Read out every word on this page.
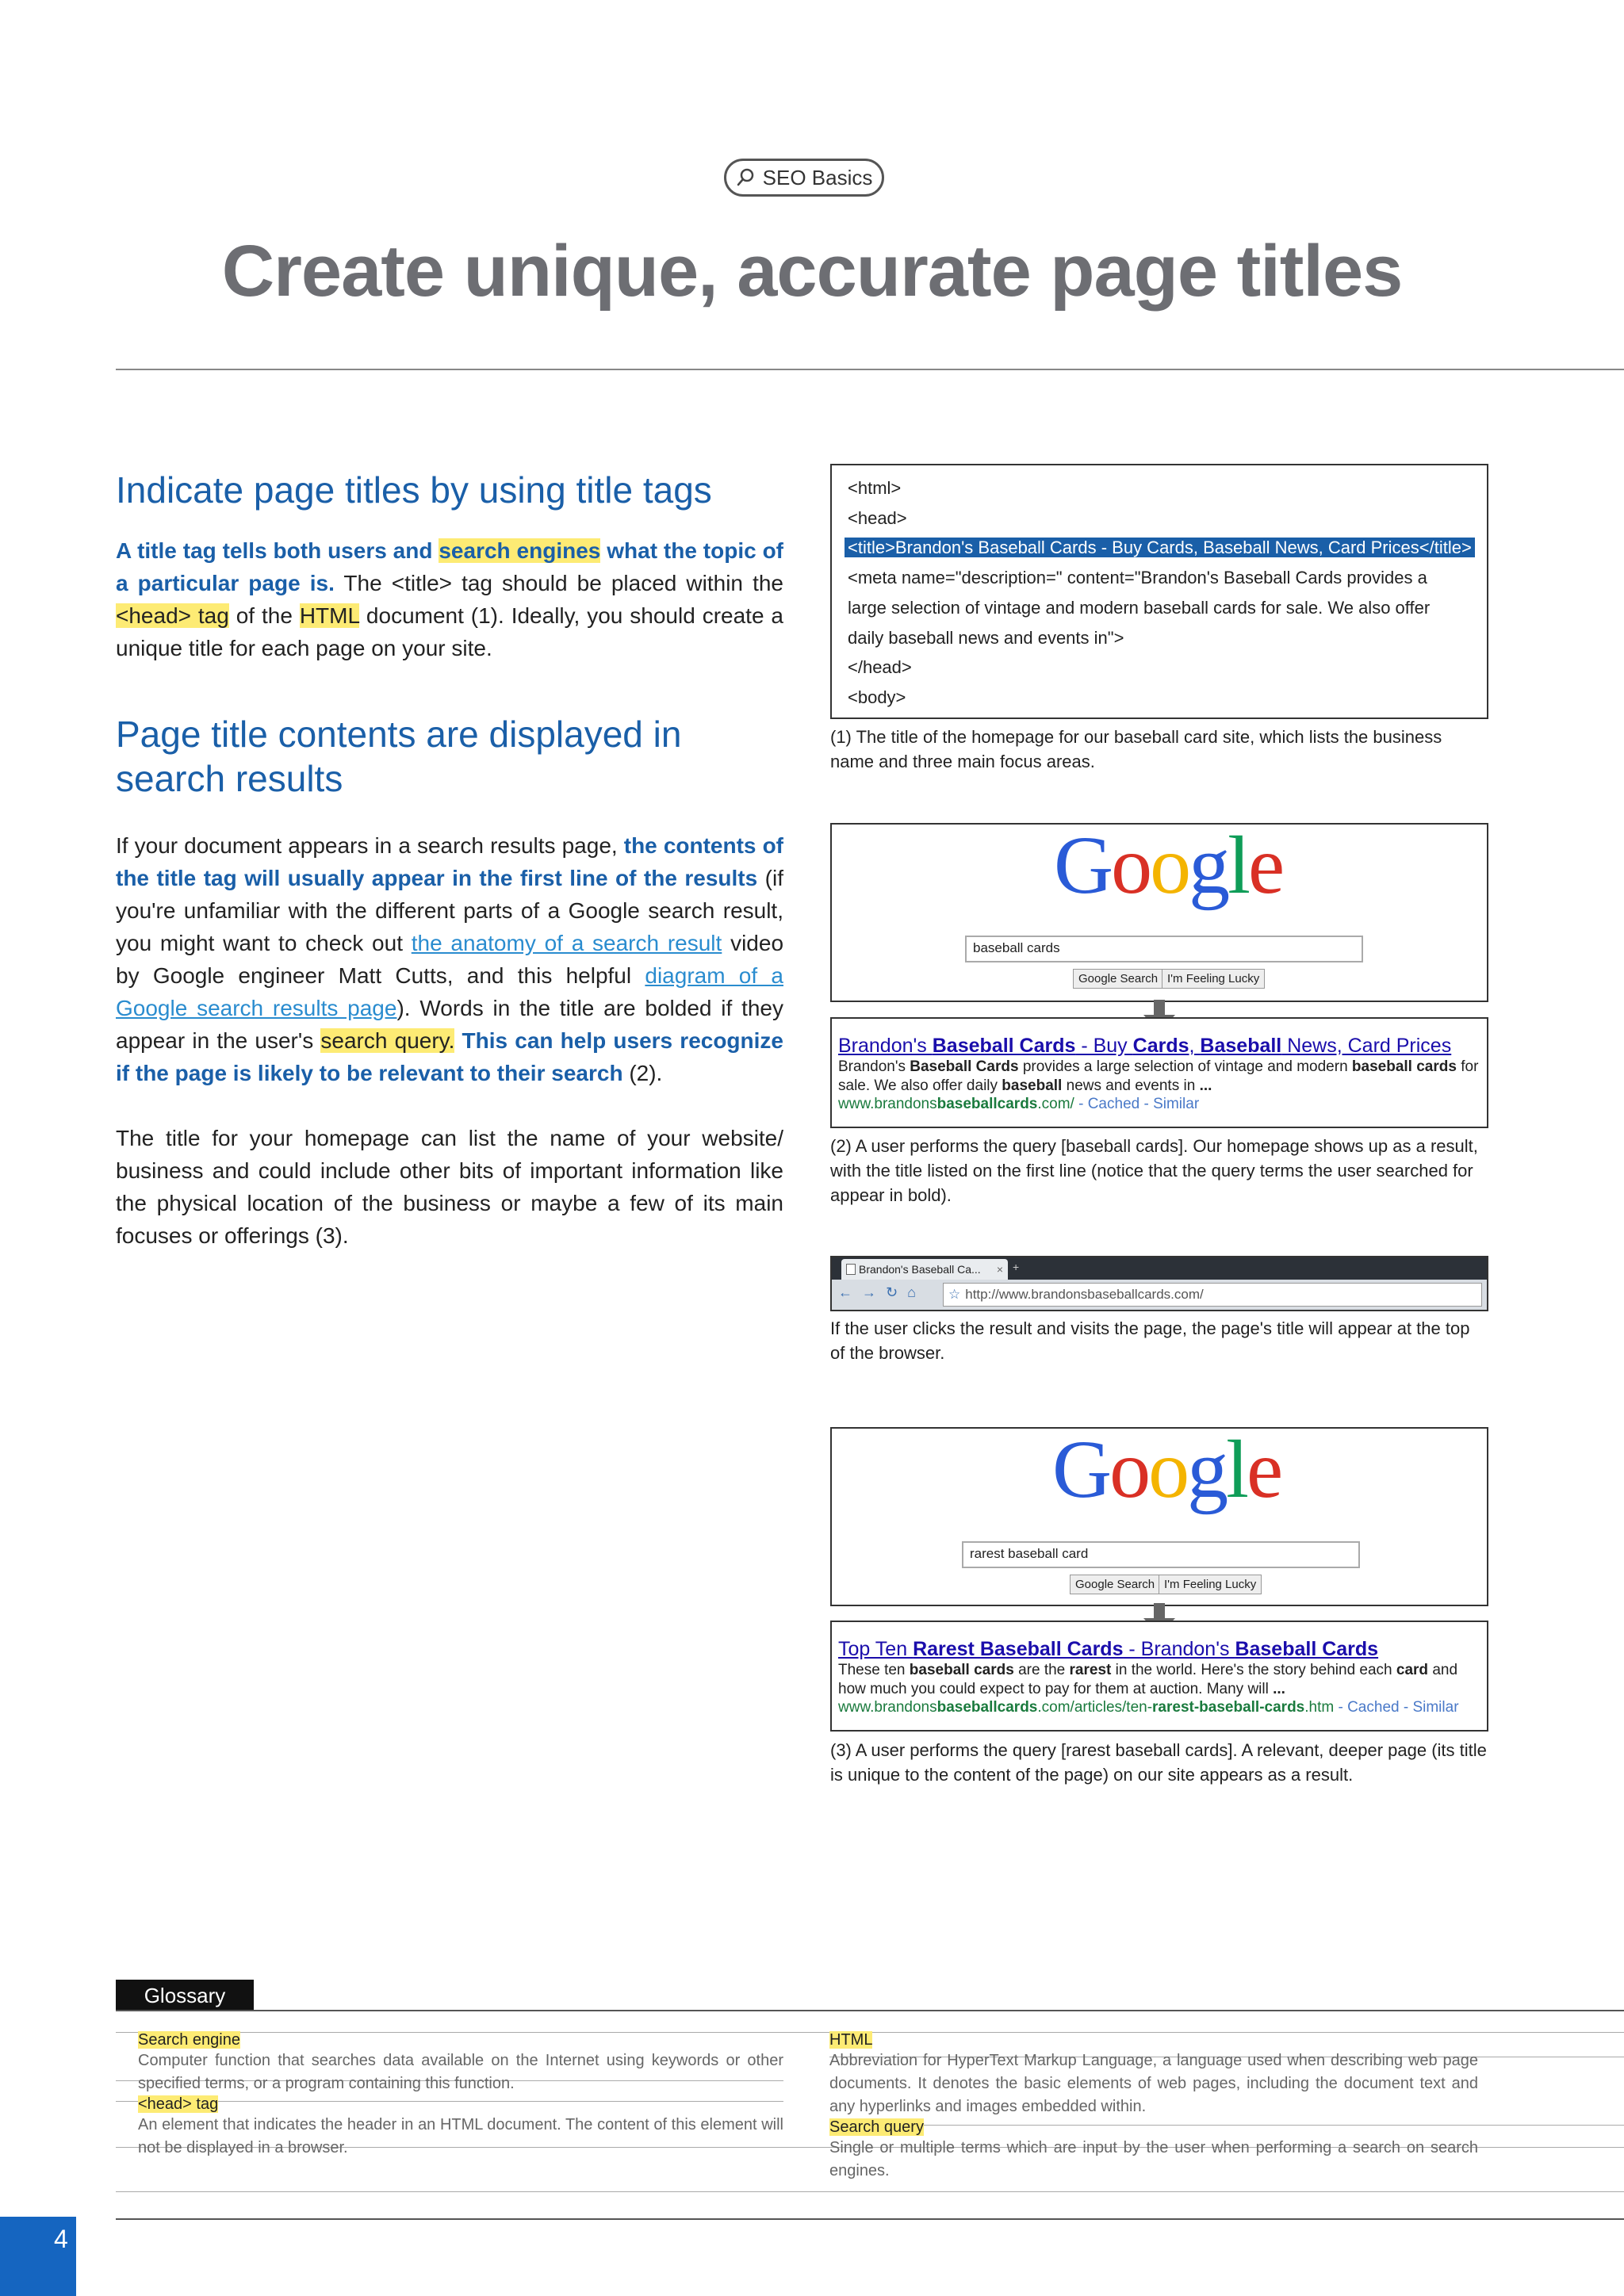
SEO Basics
Create unique, accurate page titles
Indicate page titles by using title tags

A title tag tells both users and search engines what the topic of a particular page is. The <title> tag should be placed within the <head> tag of the HTML document (1). Ideally, you should create a unique title for each page on your site.

Page title contents are displayed in search results

If your document appears in a search results page, the contents of the title tag will usually appear in the first line of the results (if you're unfamiliar with the different parts of a Google search result, you might want to check out the anatomy of a search result video by Google engineer Matt Cutts, and this helpful diagram of a Google search results page). Words in the title are bolded if they appear in the user's search query. This can help users recognize if the page is likely to be relevant to their search (2).

The title for your homepage can list the name of your website/ business and could include other bits of important information like the physical location of the business or maybe a few of its main focuses or offerings (3).

<html>
<head>
<title>Brandon's Baseball Cards - Buy Cards, Baseball News, Card Prices</title>
<meta name="description=" content="Brandon's Baseball Cards provides a
large selection of vintage and modern baseball cards for sale. We also offer
daily baseball news and events in">
</head>
<body>
(1) The title of the homepage for our baseball card site, which lists the business name and three main focus areas.
Google
baseball cards
Google Search I'm Feeling Lucky
Brandon's Baseball Cards - Buy Cards, Baseball News, Card Prices
Brandon's Baseball Cards provides a large selection of vintage and modern baseball cards for sale. We also offer daily baseball news and events in ...
www.brandonsbaseballcards.com/ - Cached - Similar
(2) A user performs the query [baseball cards]. Our homepage shows up as a result, with the title listed on the first line (notice that the query terms the user searched for appear in bold).
Brandon's Baseball Ca... × +
← → ↻ ⌂ ☆ http://www.brandonsbaseballcards.com/
If the user clicks the result and visits the page, the page's title will appear at the top of the browser.
Google
rarest baseball card
Google Search I'm Feeling Lucky
Top Ten Rarest Baseball Cards - Brandon's Baseball Cards
These ten baseball cards are the rarest in the world. Here's the story behind each card and how much you could expect to pay for them at auction. Many will ...
www.brandonsbaseballcards.com/articles/ten-rarest-baseball-cards.htm - Cached - Similar
(3) A user performs the query [rarest baseball cards]. A relevant, deeper page (its title is unique to the content of the page) on our site appears as a result.
Glossary
Search engine
Computer function that searches data available on the Internet using keywords or other specified terms, or a program containing this function.
<head> tag
An element that indicates the header in an HTML document. The content of this element will not be displayed in a browser.
HTML
Abbreviation for HyperText Markup Language, a language used when describing web page documents. It denotes the basic elements of web pages, including the document text and any hyperlinks and images embedded within.
Search query
Single or multiple terms which are input by the user when performing a search on search engines.
4
